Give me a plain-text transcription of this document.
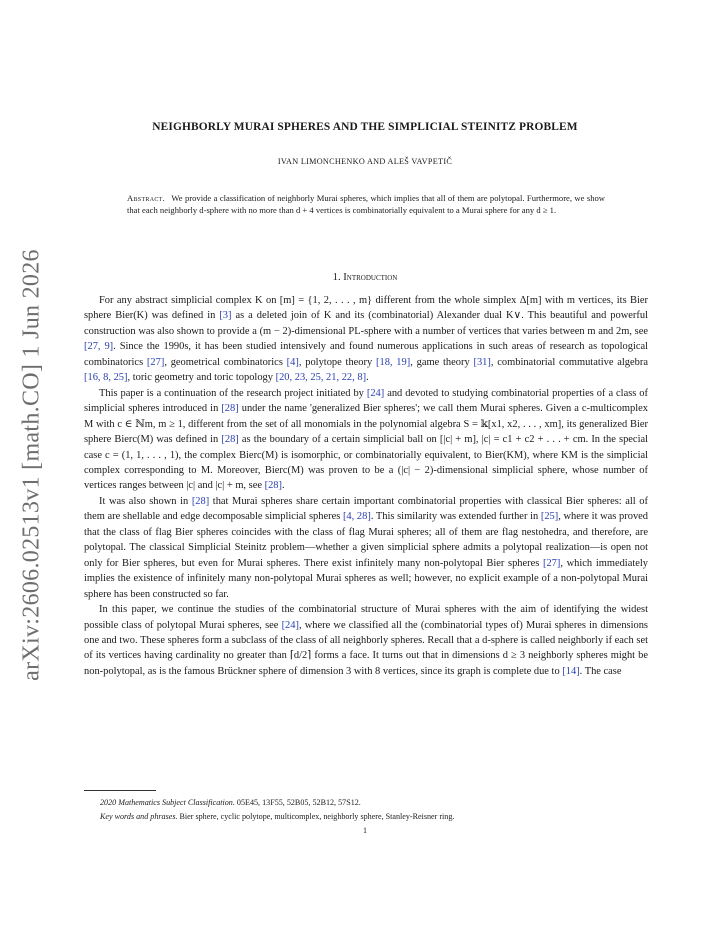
arXiv:2606.02513v1 [math.CO] 1 Jun 2026
NEIGHBORLY MURAI SPHERES AND THE SIMPLICIAL STEINITZ PROBLEM
IVAN LIMONCHENKO AND ALEŠ VAVPETIČ
Abstract. We provide a classification of neighborly Murai spheres, which implies that all of them are polytopal. Furthermore, we show that each neighborly d-sphere with no more than d + 4 vertices is combinatorially equivalent to a Murai sphere for any d ≥ 1.
1. Introduction

For any abstract simplicial complex K on [m] = {1, 2, . . . , m} different from the whole simplex Δ[m] with m vertices, its Bier sphere Bier(K) was defined in [3] as a deleted join of K and its (combinatorial) Alexander dual K∨. This beautiful and powerful construction was also shown to provide a (m − 2)-dimensional PL-sphere with a number of vertices that varies between m and 2m, see [27, 9]. Since the 1990s, it has been studied intensively and found numerous applications in such areas of research as topological combinatorics [27], geometrical combinatorics [4], polytope theory [18, 19], game theory [31], combinatorial commutative algebra [16, 8, 25], toric geometry and toric topology [20, 23, 25, 21, 22, 8].

This paper is a continuation of the research project initiated by [24] and devoted to studying combinatorial properties of a class of simplicial spheres introduced in [28] under the name 'generalized Bier spheres'; we call them Murai spheres. Given a c-multicomplex M with c ∈ ℕm, m ≥ 1, different from the set of all monomials in the polynomial algebra S = 𝕜[x1, x2, . . . , xm], its generalized Bier sphere Bierc(M) was defined in [28] as the boundary of a certain simplicial ball on [|c| + m], |c| = c1 + c2 + . . . + cm. In the special case c = (1, 1, . . . , 1), the complex Bierc(M) is isomorphic, or combinatorially equivalent, to Bier(KM), where KM is the simplicial complex corresponding to M. Moreover, Bierc(M) was proven to be a (|c| − 2)-dimensional simplicial sphere, whose number of vertices ranges between |c| and |c| + m, see [28].

It was also shown in [28] that Murai spheres share certain important combinatorial properties with classical Bier spheres: all of them are shellable and edge decomposable simplicial spheres [4, 28]. This similarity was extended further in [25], where it was proved that the class of flag Bier spheres coincides with the class of flag Murai spheres; all of them are flag nestohedra, and therefore, are polytopal. The classical Simplicial Steinitz problem—whether a given simplicial sphere admits a polytopal realization—is open not only for Bier spheres, but even for Murai spheres. There exist infinitely many non-polytopal Bier spheres [27], which immediately implies the existence of infinitely many non-polytopal Murai spheres as well; however, no explicit example of a non-polytopal Murai sphere has been constructed so far.

In this paper, we continue the studies of the combinatorial structure of Murai spheres with the aim of identifying the widest possible class of polytopal Murai spheres, see [24], where we classified all the (combinatorial types of) Murai spheres in dimensions one and two. These spheres form a subclass of the class of all neighborly spheres. Recall that a d-sphere is called neighborly if each set of its vertices having cardinality no greater than ⌈d/2⌉ forms a face. It turns out that in dimensions d ≥ 3 neighborly spheres might be non-polytopal, as is the famous Brückner sphere of dimension 3 with 8 vertices, since its graph is complete due to [14]. The case

2020 Mathematics Subject Classification. 05E45, 13F55, 52B05, 52B12, 57S12.

Key words and phrases. Bier sphere, cyclic polytope, multicomplex, neighborly sphere, Stanley-Reisner ring.

1
